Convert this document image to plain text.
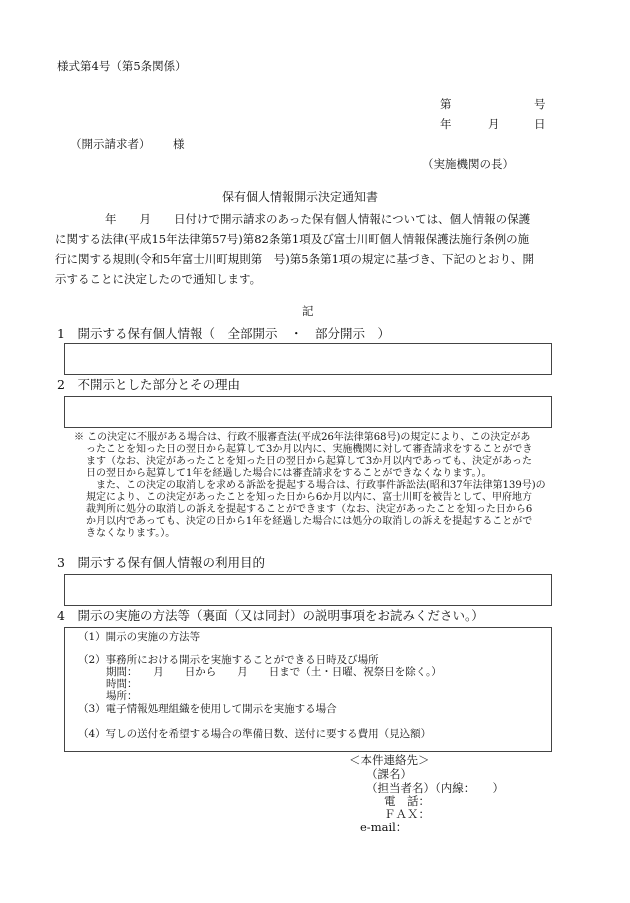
様式第4号（第5条関係）
第	号
年	月	日
（開示請求者） 様
（実施機関の長）
保有個人情報開示決定通知書
年　　月　　日付けで開示請求のあった保有個人情報については、個人情報の保護
に関する法律(平成15年法律第57号)第82条第1項及び富士川町個人情報保護法施行条例の施
行に関する規則(令和5年富士川町規則第　号)第5条第1項の規定に基づき、下記のとおり、開
示することに決定したので通知します。
記
1　開示する保有個人情報（　全部開示　・　部分開示　）
2　不開示とした部分とその理由
※ この決定に不服がある場合は、行政不服審査法(平成26年法律第68号)の規定により、この決定があ
ったことを知った日の翌日から起算して3か月以内に、実施機関に対して審査請求をすることができ
ます（なお、決定があったことを知った日の翌日から起算して3か月以内であっても、決定があった
日の翌日から起算して1年を経過した場合には審査請求をすることができなくなります。）。
また、この決定の取消しを求める訴訟を提起する場合は、行政事件訴訟法(昭和37年法律第139号)の
規定により、この決定があったことを知った日から6か月以内に、富士川町を被告として、甲府地方
裁判所に処分の取消しの訴えを提起することができます（なお、決定があったことを知った日から6
か月以内であっても、決定の日から1年を経過した場合には処分の取消しの訴えを提起することがで
きなくなります。）。
3　開示する保有個人情報の利用目的
4　開示の実施の方法等（裏面（又は同封）の説明事項をお読みください。）
（1）開示の実施の方法等
（2）事務所における開示を実施することができる日時及び場所
期間：　　月　　日から　　月　　日まで（土・日曜、祝祭日を除く。）
時間：
場所：
（3）電子情報処理組織を使用して開示を実施する場合
（4）写しの送付を希望する場合の準備日数、送付に要する費用（見込額）
＜本件連絡先＞
（課名）
（担当者名）（内線：　　）
電　話：
ＦＡＸ：
e-mail：
